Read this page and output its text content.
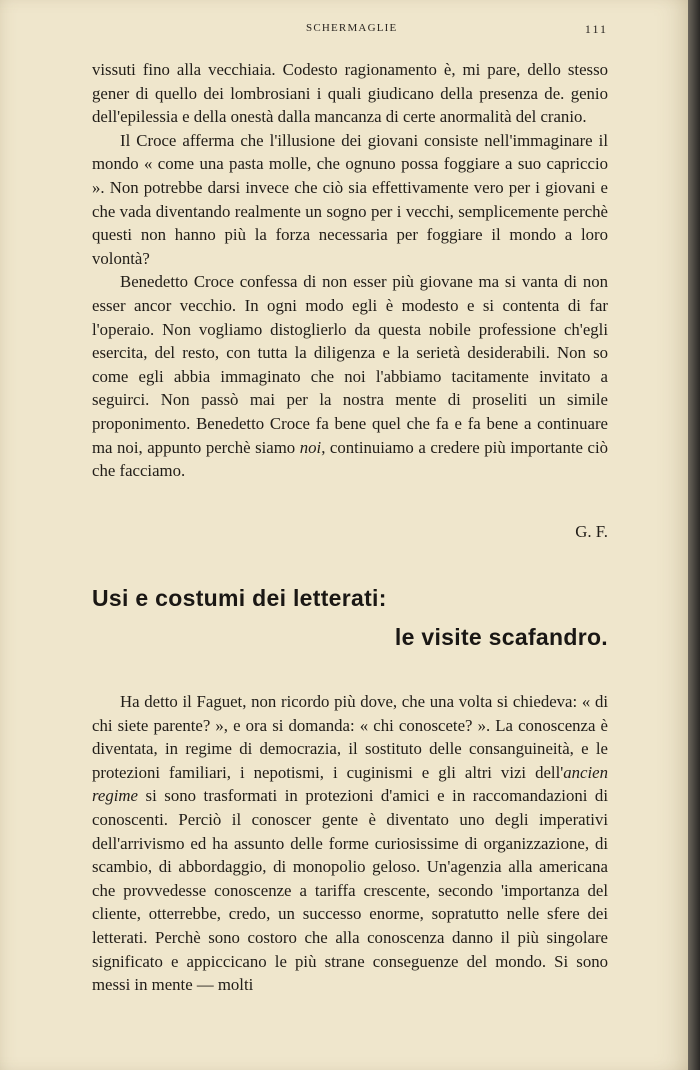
SCHERMAGLIE	111

vissuti fino alla vecchiaia. Codesto ragionamento è, mi pare, dello stesso gener di quello dei lombrosiani i quali giudicano della presenza de. genio dell'epilessia e della onestà dalla mancanza di certe anormalità del cranio.

Il Croce afferma che l'illusione dei giovani consiste nell'immaginare il mondo « come una pasta molle, che ognuno possa foggiare a suo capriccio ». Non potrebbe darsi invece che ciò sia effettivamente vero per i giovani e che vada diventando realmente un sogno per i vecchi, semplicemente perchè questi non hanno più la forza necessaria per foggiare il mondo a loro volontà?

Benedetto Croce confessa di non esser più giovane ma si vanta di non esser ancor vecchio. In ogni modo egli è modesto e si contenta di far l'operaio. Non vogliamo distoglierlo da questa nobile professione ch'egli esercita, del resto, con tutta la diligenza e la serietà desiderabili. Non so come egli abbia immaginato che noi l'abbiamo tacitamente invitato a seguirci. Non passò mai per la nostra mente di proseliti un simile proponimento. Benedetto Croce fa bene quel che fa e fa bene a continuare ma noi, appunto perchè siamo noi, continuiamo a credere più importante ciò che facciamo.

G. F.
Usi e costumi dei letterati:
le visite scafandro.

Ha detto il Faguet, non ricordo più dove, che una volta si chiedeva: « di chi siete parente? », e ora si domanda: « chi conoscete? ». La conoscenza è diventata, in regime di democrazia, il sostituto delle consanguineità, e le protezioni familiari, i nepotismi, i cuginismi e gli altri vizi dell'ancien regime si sono trasformati in protezioni d'amici e in raccomandazioni di conoscenti. Perciò il conoscer gente è diventato uno degli imperativi dell'arrivismo ed ha assunto delle forme curiosissime di organizzazione, di scambio, di abbordaggio, di monopolio geloso. Un'agenzia alla americana che provvedesse conoscenze a tariffa crescente, secondo 'importanza del cliente, otterrebbe, credo, un successo enorme, sopratutto nelle sfere dei letterati. Perchè sono costoro che alla conoscenza danno il più singolare significato e appiccicano le più strane conseguenze del mondo. Si sono messi in mente — molti
